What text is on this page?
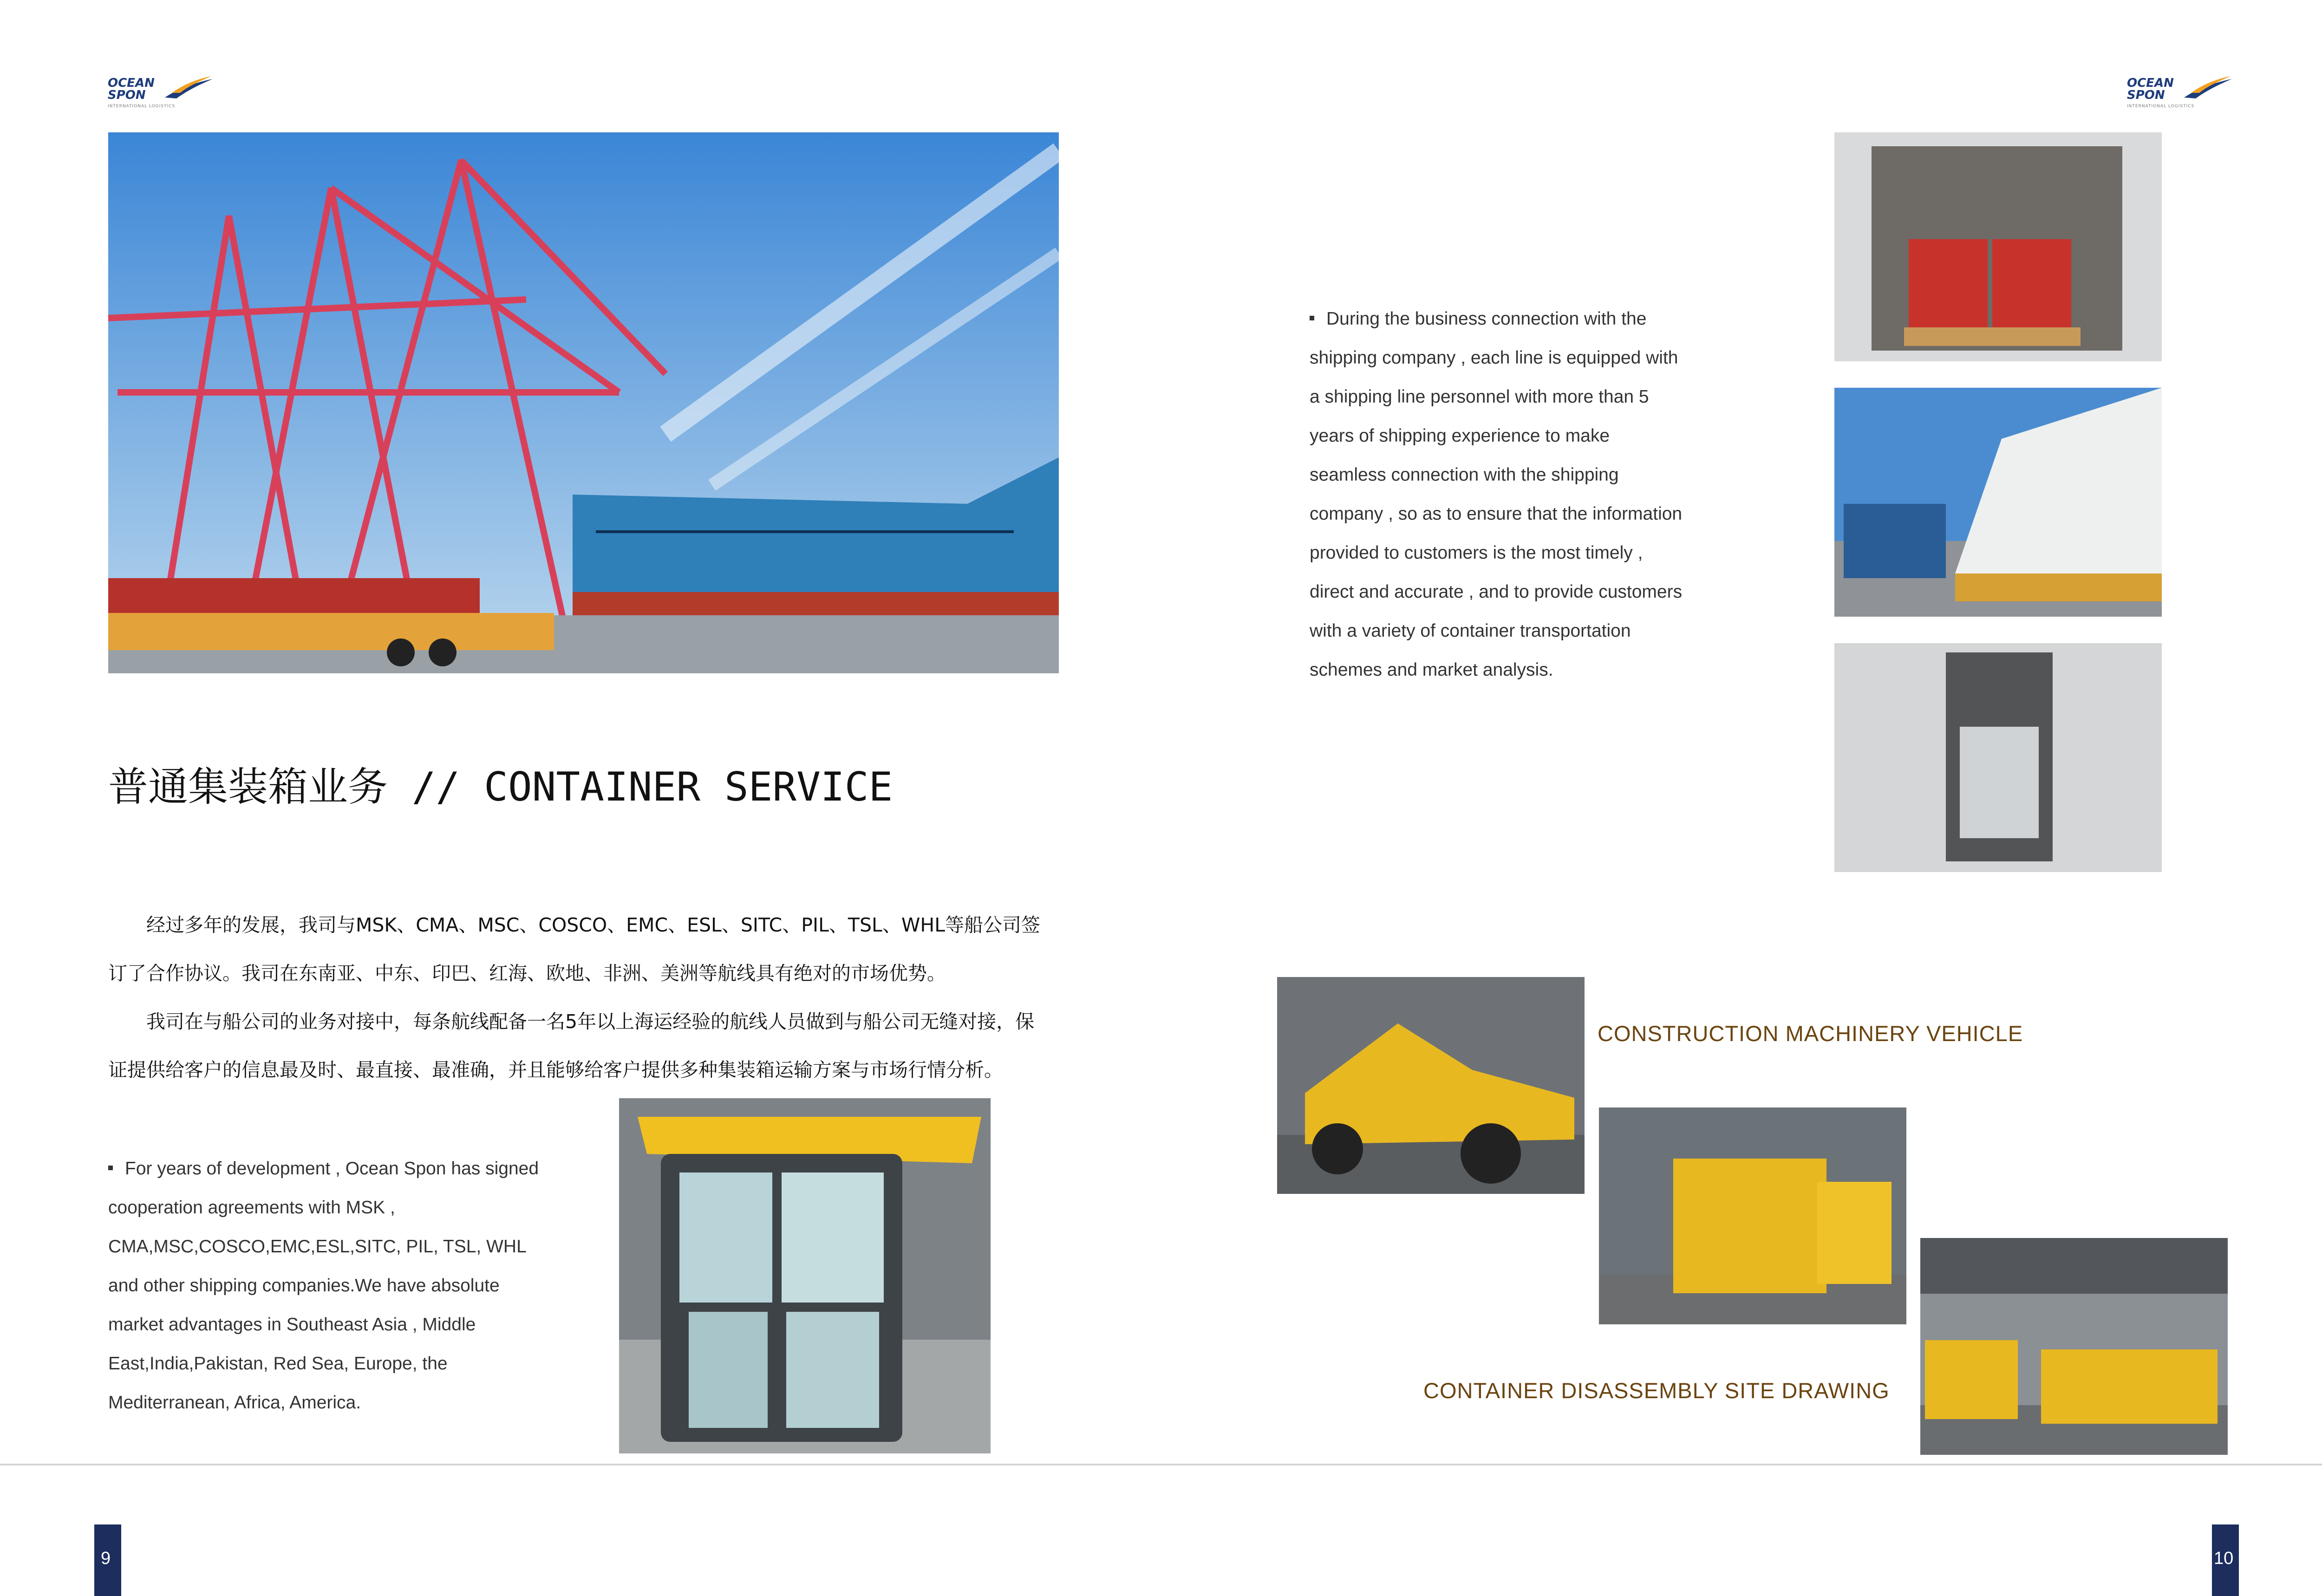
OCEAN
SPON
INTERNATIONAL LOGISTICS
OCEAN
SPON
INTERNATIONAL LOGISTICS
普通集装箱业务 // CONTAINER SERVICE

　　经过多年的发展，我司与MSK、CMA、MSC、COSCO、EMC、ESL、SITC、PIL、TSL、WHL等船公司签订了合作协议。我司在东南亚、中东、印巴、红海、欧地、非洲、美洲等航线具有绝对的市场优势。

　　我司在与船公司的业务对接中，每条航线配备一名5年以上海运经验的航线人员做到与船公司无缝对接，保证提供给客户的信息最及时、最直接、最准确，并且能够给客户提供多种集装箱运输方案与市场行情分析。

For years of development , Ocean Spon has signed cooperation agreements with MSK , CMA,MSC,COSCO,EMC,ESL,SITC, PIL, TSL, WHL and other shipping companies.We have absolute market advantages in Southeast Asia , Middle East,India,Pakistan, Red Sea, Europe, the Mediterranean, Africa, America.
During the business connection with the shipping company , each line is equipped with a shipping line personnel with more than 5 years of shipping experience to make seamless connection with the shipping company , so as to ensure that the information provided to customers is the most timely , direct and accurate , and to provide customers with a variety of container transportation schemes and market analysis.
CONSTRUCTION MACHINERY VEHICLE
CONTAINER DISASSEMBLY SITE DRAWING
9	10
